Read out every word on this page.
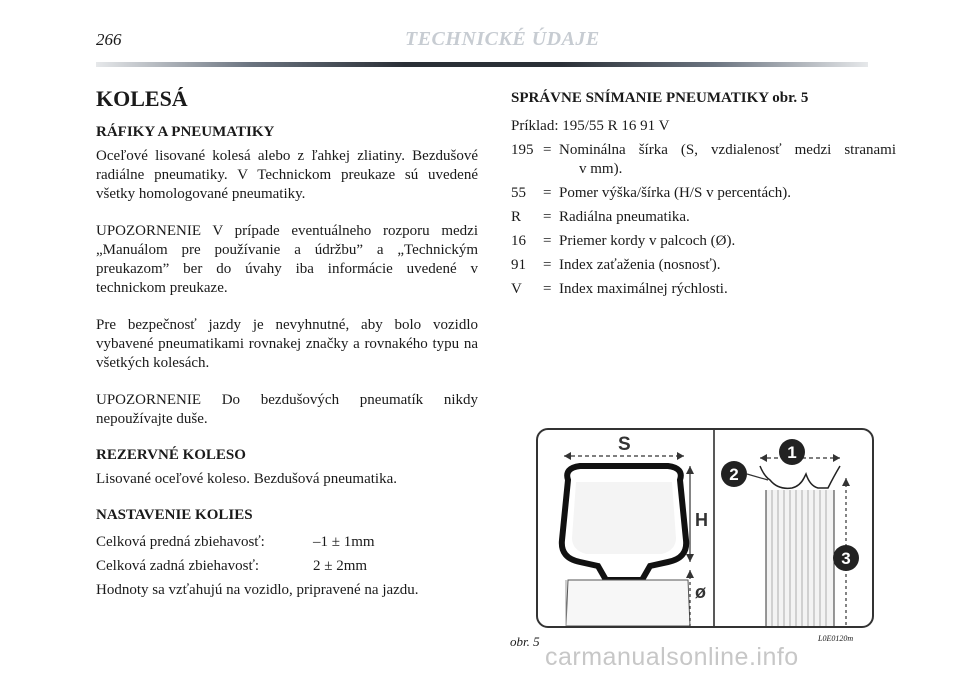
266	TECHNICKÉ ÚDAJE
KOLESÁ
RÁFIKY A PNEUMATIKY

Oceľové lisované kolesá alebo z ľahkej zliatiny. Bezdušové radiálne pneumatiky. V Technickom preukaze sú uvedené všetky homologované pneumatiky.

UPOZORNENIE V prípade eventuálneho rozporu medzi „Manuálom pre používanie a údržbu” a „Technickým preukazom” ber do úvahy iba informácie uvedené v technickom preukaze.

Pre bezpečnosť jazdy je nevyhnutné, aby bolo vozidlo vybavené pneumatikami rovnakej značky a rovnakého typu na všetkých kolesách.

UPOZORNENIE Do bezdušových pneumatík nikdy nepoužívajte duše.

REZERVNÉ KOLESO

Lisované oceľové koleso. Bezdušová pneumatika.

NASTAVENIE KOLIES
Celková predná zbiehavosť:	–1 ± 1mm
Celková zadná zbiehavosť:	2 ± 2mm

Hodnoty sa vzťahujú na vozidlo, pripravené na jazdu.

SPRÁVNE SNÍMANIE PNEUMATIKY obr. 5

Príklad: 195/55 R 16 91 V

195 = Nominálna šírka (S, vzdialenosť medzi stranami
v mm).
55	= Pomer výška/šírka (H/S v percentách).
R	= Radiálna pneumatika.
16	= Priemer kordy v palcoch (Ø).
91	= Index zaťaženia (nosnosť).
V	= Index maximálnej rýchlosti.
S
H
ø
1
2
3
obr. 5	L0E0120m
carmanualsonline.info
